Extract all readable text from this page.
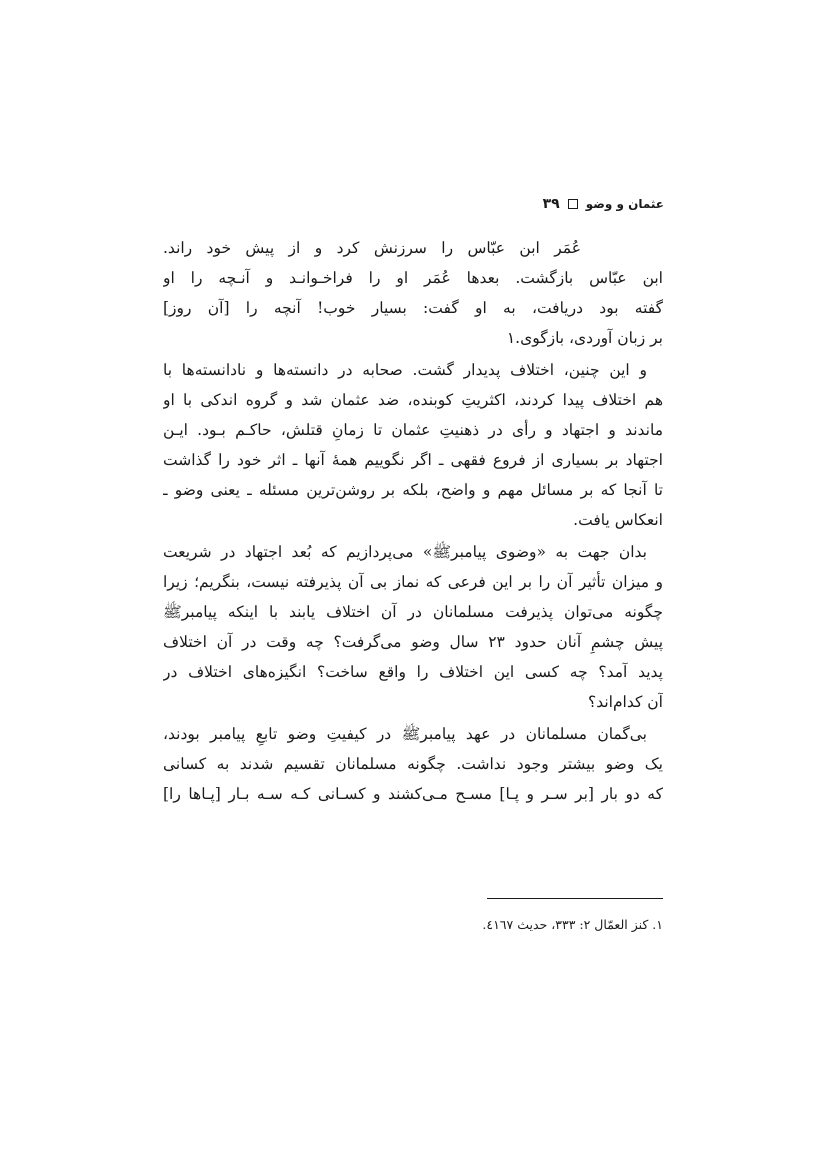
عثمان و وضو
٣٩
عُمَر ابن عبّاس را سرزنش کرد و از پیش خود راند.
ابن عبّاس بازگشت. بعدها عُمَر او را فراخـوانـد و آنـچه را او
گفته بود دریافت، به او گفت: بسیار خوب! آنچه را [آن روز]
بر زبان آوردی، بازگوی.۱
و این چنین، اختلاف پدیدار گشت. صحابه در دانسته‌ها و نادانسته‌ها با
هم اختلاف پیدا کردند، اکثریتِ کوبنده، ضد عثمان شد و گروه اندکی با او
ماندند و اجتهاد و رأی در ذهنیتِ عثمان تا زمانِ قتلش، حاکـم بـود. ایـن
اجتهاد بر بسیاری از فروع فقهی ـ اگر نگوییم همهٔ آنها ـ اثر خود را گذاشت
تا آنجا که بر مسائل مهم و واضح، بلکه بر روشن‌ترین مسئله ـ یعنی وضو ـ
انعکاس یافت.
بدان جهت به «وضوی پیامبرﷺ» می‌پردازیم که بُعد اجتهاد در شریعت
و میزان تأثیر آن را بر این فرعی که نماز بی آن پذیرفته نیست، بنگریم؛ زیرا
چگونه می‌توان پذیرفت مسلمانان در آن اختلاف یابند با اینکه پیامبرﷺ
پیش چشمِ آنان حدود ۲۳ سال وضو می‌گرفت؟ چه وقت در آن اختلاف
پدید آمد؟ چه کسی این اختلاف را واقع ساخت؟ انگیزه‌های اختلاف در
آن کدام‌اند؟
بی‌گمان مسلمانان در عهد پیامبرﷺ در کیفیتِ وضو تابعِ پیامبر بودند،
یک وضو بیشتر وجود نداشت. چگونه مسلمانان تقسیم شدند به کسانی
که دو بار [بر سـر و پـا] مسـح مـی‌کشند و کسـانی کـه سـه بـار [پـاها را]
۱. کنز العمّال ۲: ۳۳۳، حدیث ٤١٦٧.
